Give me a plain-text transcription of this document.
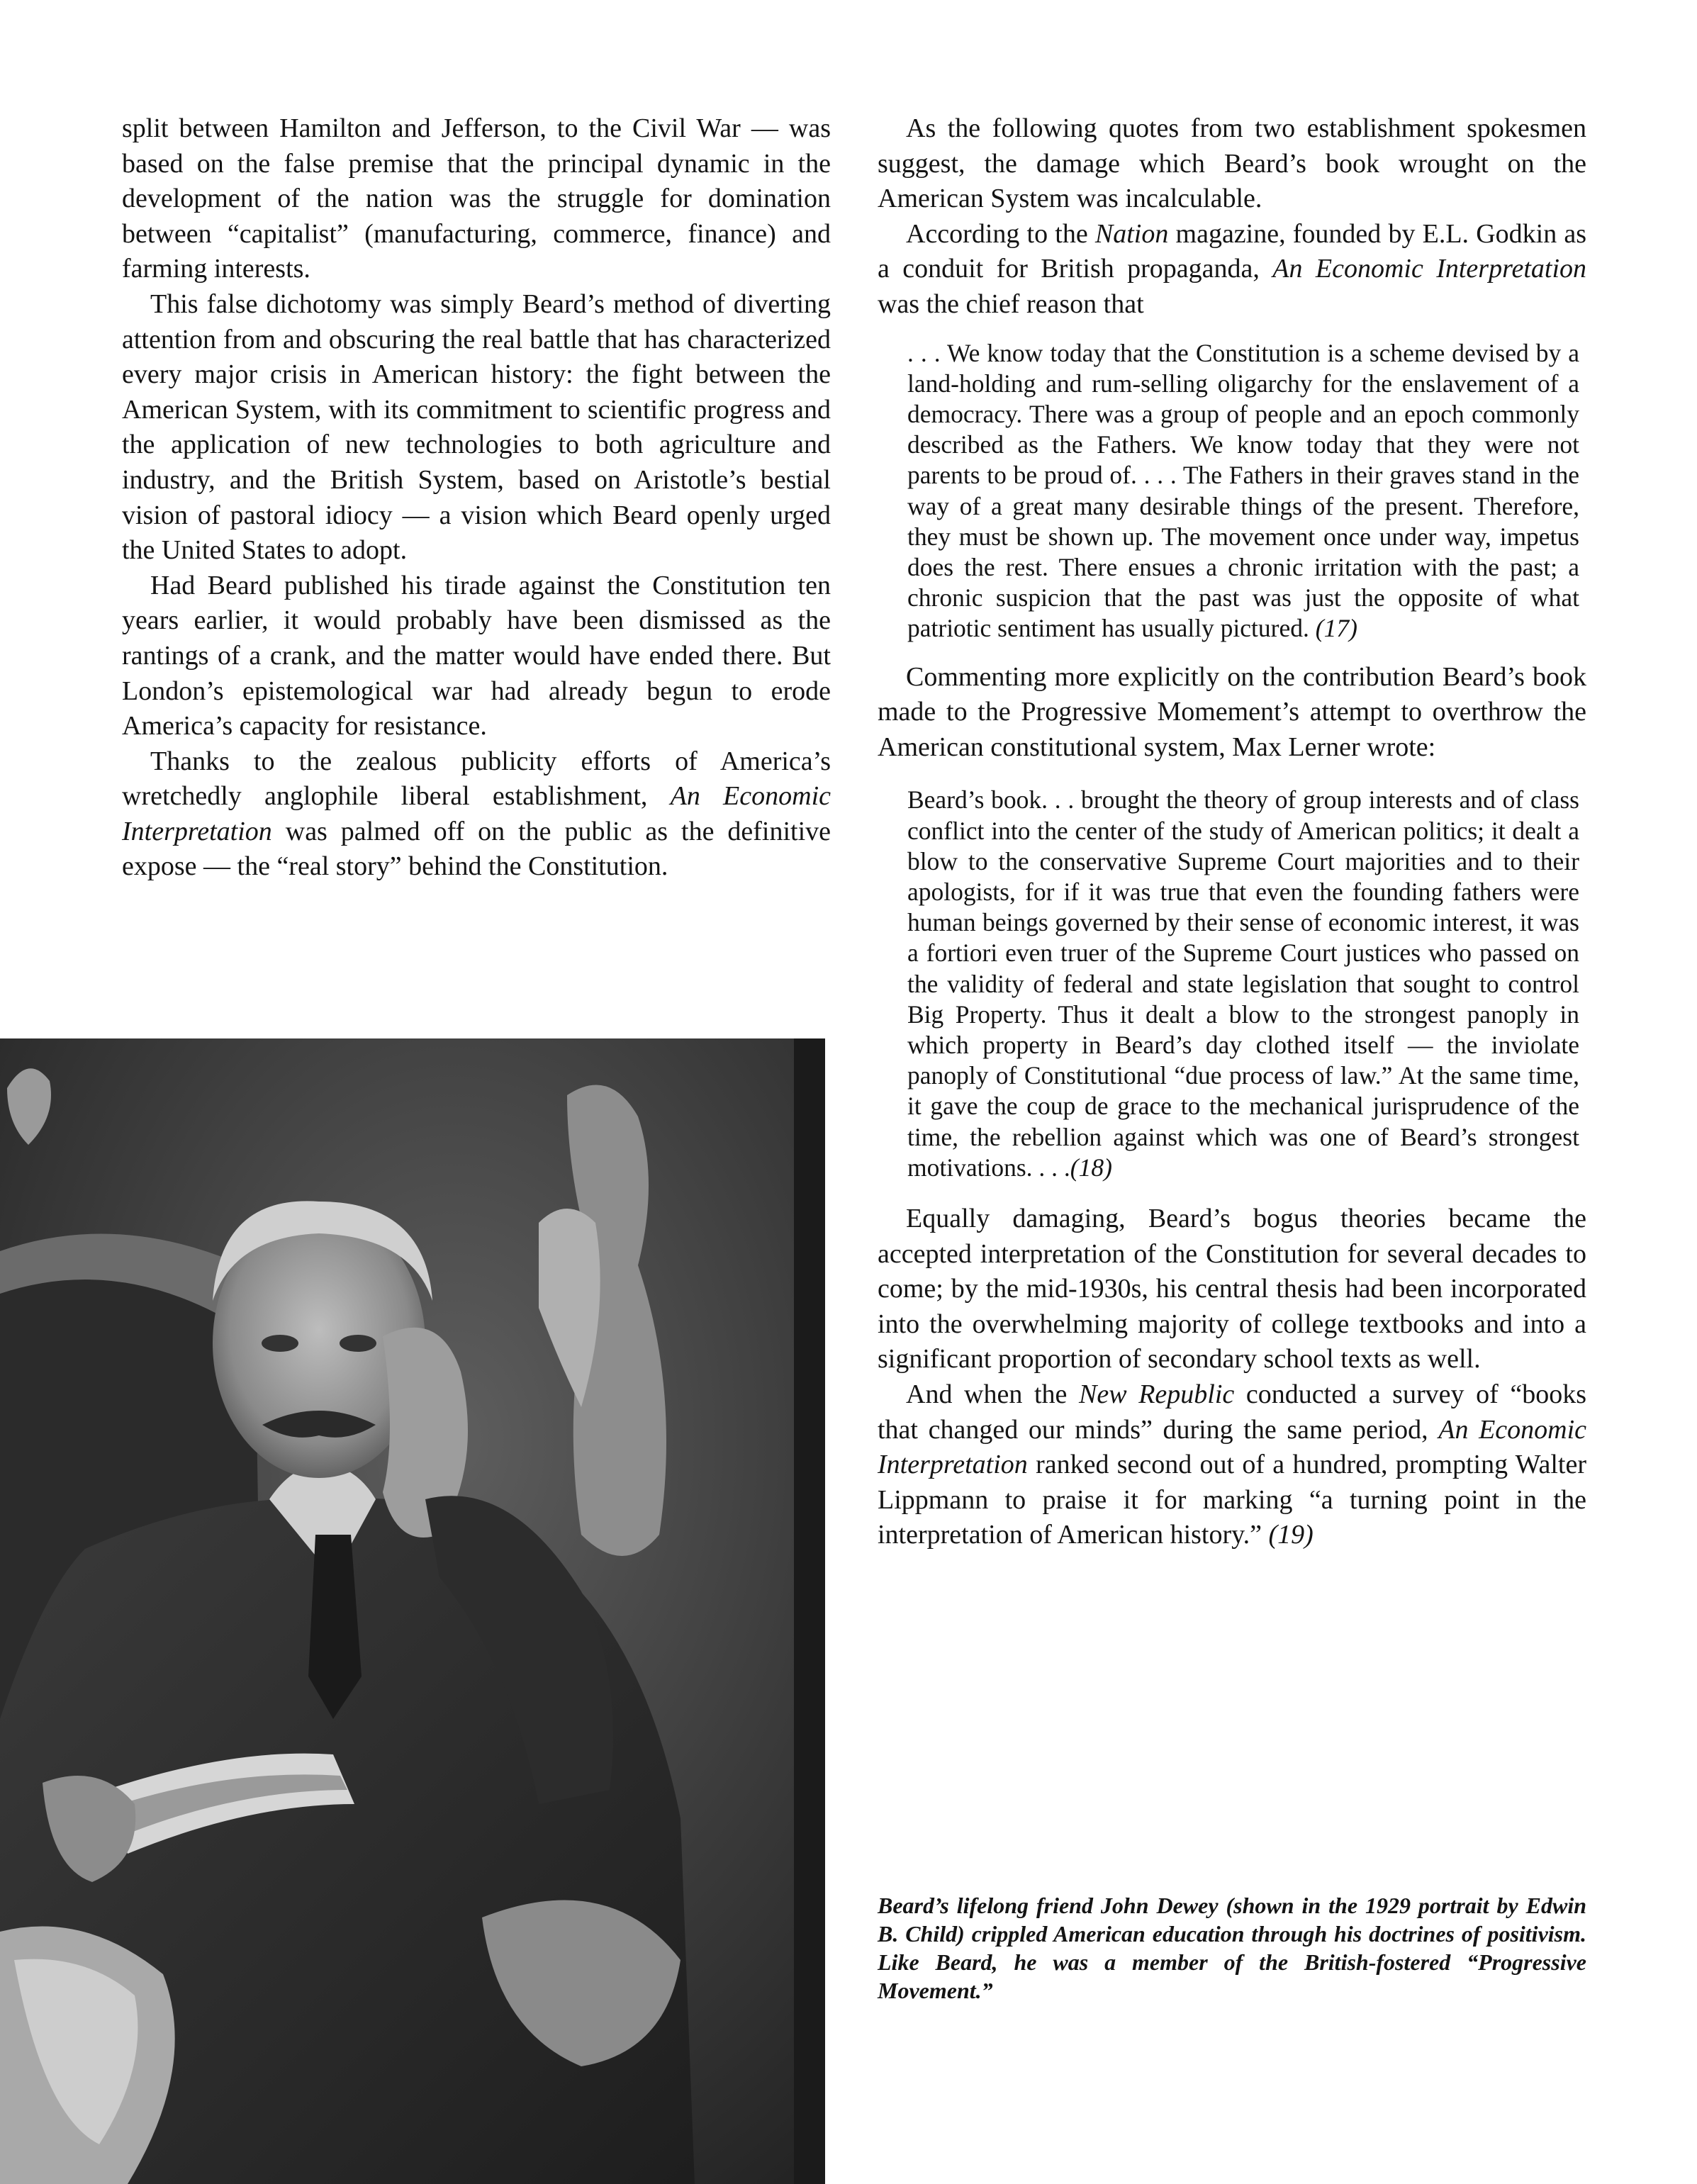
split between Hamilton and Jefferson, to the Civil War — was based on the false premise that the principal dynamic in the development of the nation was the struggle for domination between “capitalist” (manufacturing, commerce, finance) and farming interests.

This false dichotomy was simply Beard’s method of diverting attention from and obscuring the real battle that has characterized every major crisis in American history: the fight between the American System, with its commitment to scientific progress and the application of new technologies to both agriculture and industry, and the British System, based on Aristotle’s bestial vision of pastoral idiocy — a vision which Beard openly urged the United States to adopt.

Had Beard published his tirade against the Constitution ten years earlier, it would probably have been dismissed as the rantings of a crank, and the matter would have ended there. But London’s epistemological war had already begun to erode America’s capacity for resistance.

Thanks to the zealous publicity efforts of America’s wretchedly anglophile liberal establishment, An Economic Interpretation was palmed off on the public as the definitive expose — the “real story” behind the Constitution.

As the following quotes from two establishment spokesmen suggest, the damage which Beard’s book wrought on the American System was incalculable.

According to the Nation magazine, founded by E.L. Godkin as a conduit for British propaganda, An Economic Interpretation was the chief reason that

. . . We know today that the Constitution is a scheme devised by a land-holding and rum-selling oligarchy for the enslavement of a democracy. There was a group of people and an epoch commonly described as the Fathers. We know today that they were not parents to be proud of. . . . The Fathers in their graves stand in the way of a great many desirable things of the present. Therefore, they must be shown up. The movement once under way, impetus does the rest. There ensues a chronic irritation with the past; a chronic suspicion that the past was just the opposite of what patriotic sentiment has usually pictured. (17)

Commenting more explicitly on the contribution Beard’s book made to the Progressive Momement’s attempt to overthrow the American constitutional system, Max Lerner wrote:

Beard’s book. . . brought the theory of group interests and of class conflict into the center of the study of American politics; it dealt a blow to the conservative Supreme Court majorities and to their apologists, for if it was true that even the founding fathers were human beings governed by their sense of economic interest, it was a fortiori even truer of the Supreme Court justices who passed on the validity of federal and state legislation that sought to control Big Property. Thus it dealt a blow to the strongest panoply in which property in Beard’s day clothed itself — the inviolate panoply of Constitutional “due process of law.” At the same time, it gave the coup de grace to the mechanical jurisprudence of the time, the rebellion against which was one of Beard’s strongest motivations. . . .(18)

Equally damaging, Beard’s bogus theories became the accepted interpretation of the Constitution for several decades to come; by the mid-1930s, his central thesis had been incorporated into the overwhelming majority of college textbooks and into a significant proportion of secondary school texts as well.

And when the New Republic conducted a survey of “books that changed our minds” during the same period, An Economic Interpretation ranked second out of a hundred, prompting Walter Lippmann to praise it for marking “a turning point in the interpretation of American history.” (19)

Beard’s lifelong friend John Dewey (shown in the 1929 portrait by Edwin B. Child) crippled American education through his doctrines of positivism. Like Beard, he was a member of the British-fostered “Progressive Movement.”
